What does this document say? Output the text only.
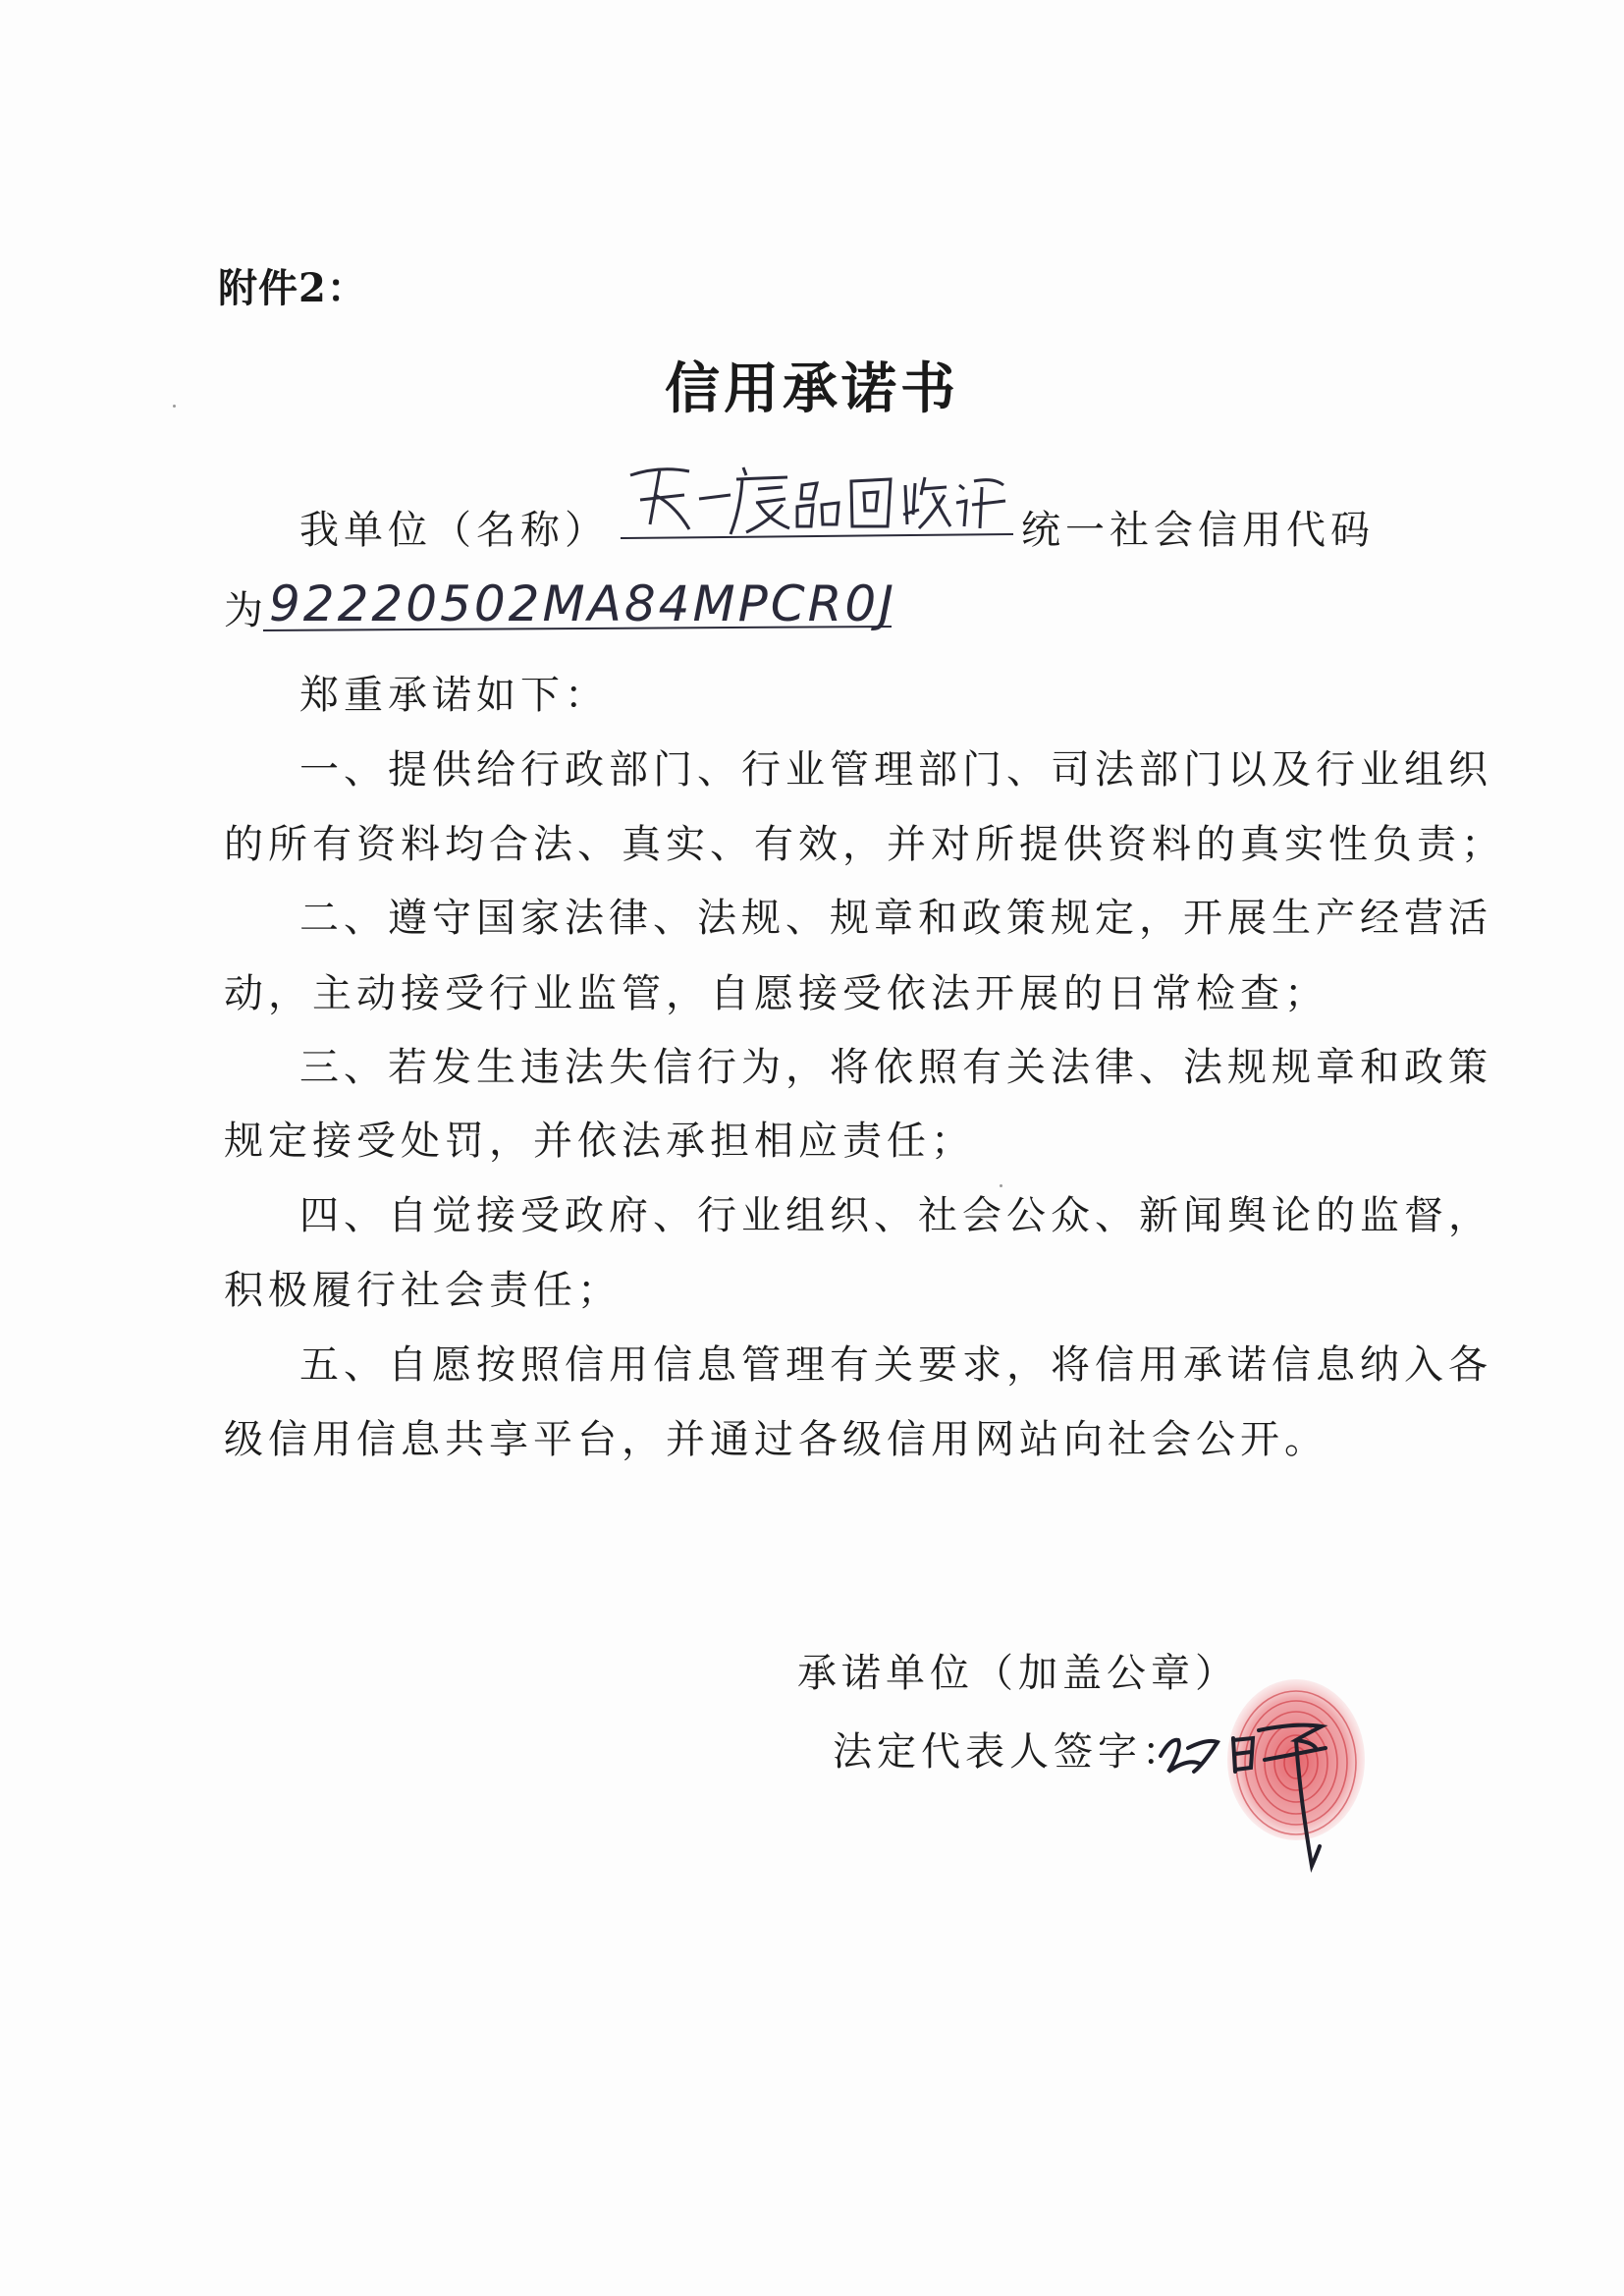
附件2：
信用承诺书
我单位（名称）	统一社会信用代码
为 92220502MA84MPCR0J
郑重承诺如下：
一、提供给行政部门、行业管理部门、司法部门以及行业组织
的所有资料均合法、真实、有效，并对所提供资料的真实性负责；
二、遵守国家法律、法规、规章和政策规定，开展生产经营活
动，主动接受行业监管，自愿接受依法开展的日常检查；
三、若发生违法失信行为，将依照有关法律、法规规章和政策
规定接受处罚，并依法承担相应责任；
四、自觉接受政府、行业组织、社会公众、新闻舆论的监督，
积极履行社会责任；
五、自愿按照信用信息管理有关要求，将信用承诺信息纳入各
级信用信息共享平台，并通过各级信用网站向社会公开。
承诺单位（加盖公章）
法定代表人签字：
